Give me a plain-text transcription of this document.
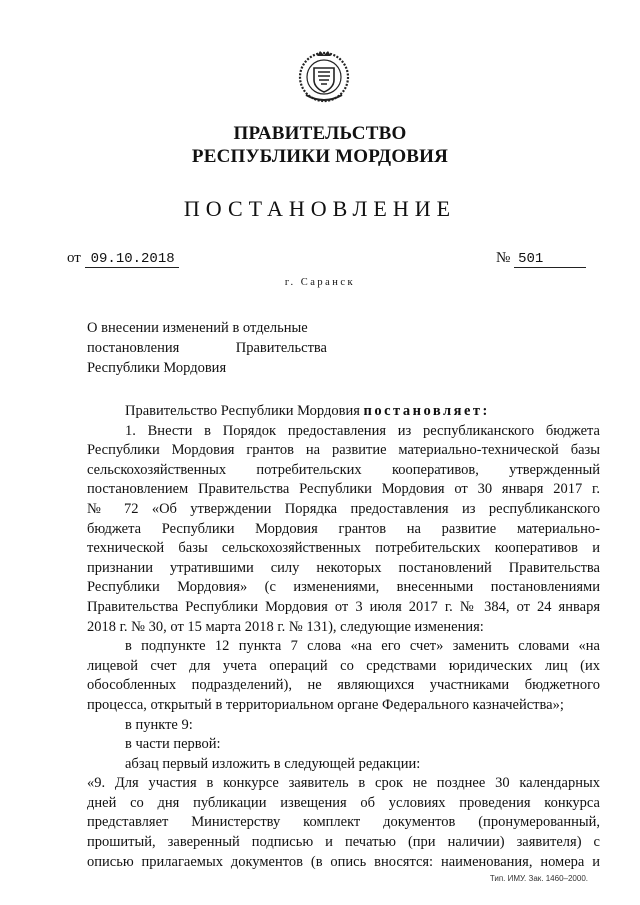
ПРАВИТЕЛЬСТВО
РЕСПУБЛИКИ МОРДОВИЯ
ПОСТАНОВЛЕНИЕ
от 09.10.2018	№ 501
г. Саранск
О внесении изменений в отдельные
постановления	Правительства
Республики Мордовия

Правительство Республики Мордовия постановляет:

1. Внести в Порядок предоставления из республиканского бюджета

Республики Мордовия грантов на развитие материально-технической базы

сельскохозяйственных потребительских кооперативов, утвержденный

постановлением Правительства Республики Мордовия от 30 января 2017 г.

№ 72 «Об утверждении Порядка предоставления из республиканского

бюджета Республики Мордовия грантов на развитие материально-

технической базы сельскохозяйственных потребительских кооперативов и

признании утратившими силу некоторых постановлений Правительства

Республики Мордовия» (с изменениями, внесенными постановлениями

Правительства Республики Мордовия от 3 июля 2017 г. № 384, от 24 января

2018 г. № 30, от 15 марта 2018 г. № 131), следующие изменения:

в подпункте 12 пункта 7 слова «на его счет» заменить словами «на

лицевой счет для учета операций со средствами юридических лиц (их

обособленных подразделений), не являющихся участниками бюджетного

процесса, открытый в территориальном органе Федерального казначейства»;

в пункте 9:

в части первой:

абзац первый изложить в следующей редакции:

«9. Для участия в конкурсе заявитель в срок не позднее 30 календарных

дней со дня публикации извещения об условиях проведения конкурса

представляет Министерству комплект документов (пронумерованный,

прошитый, заверенный подписью и печатью (при наличии) заявителя) с

описью прилагаемых документов (в опись вносятся: наименования, номера и

Тип. ИМУ. Зак. 1460–2000.
